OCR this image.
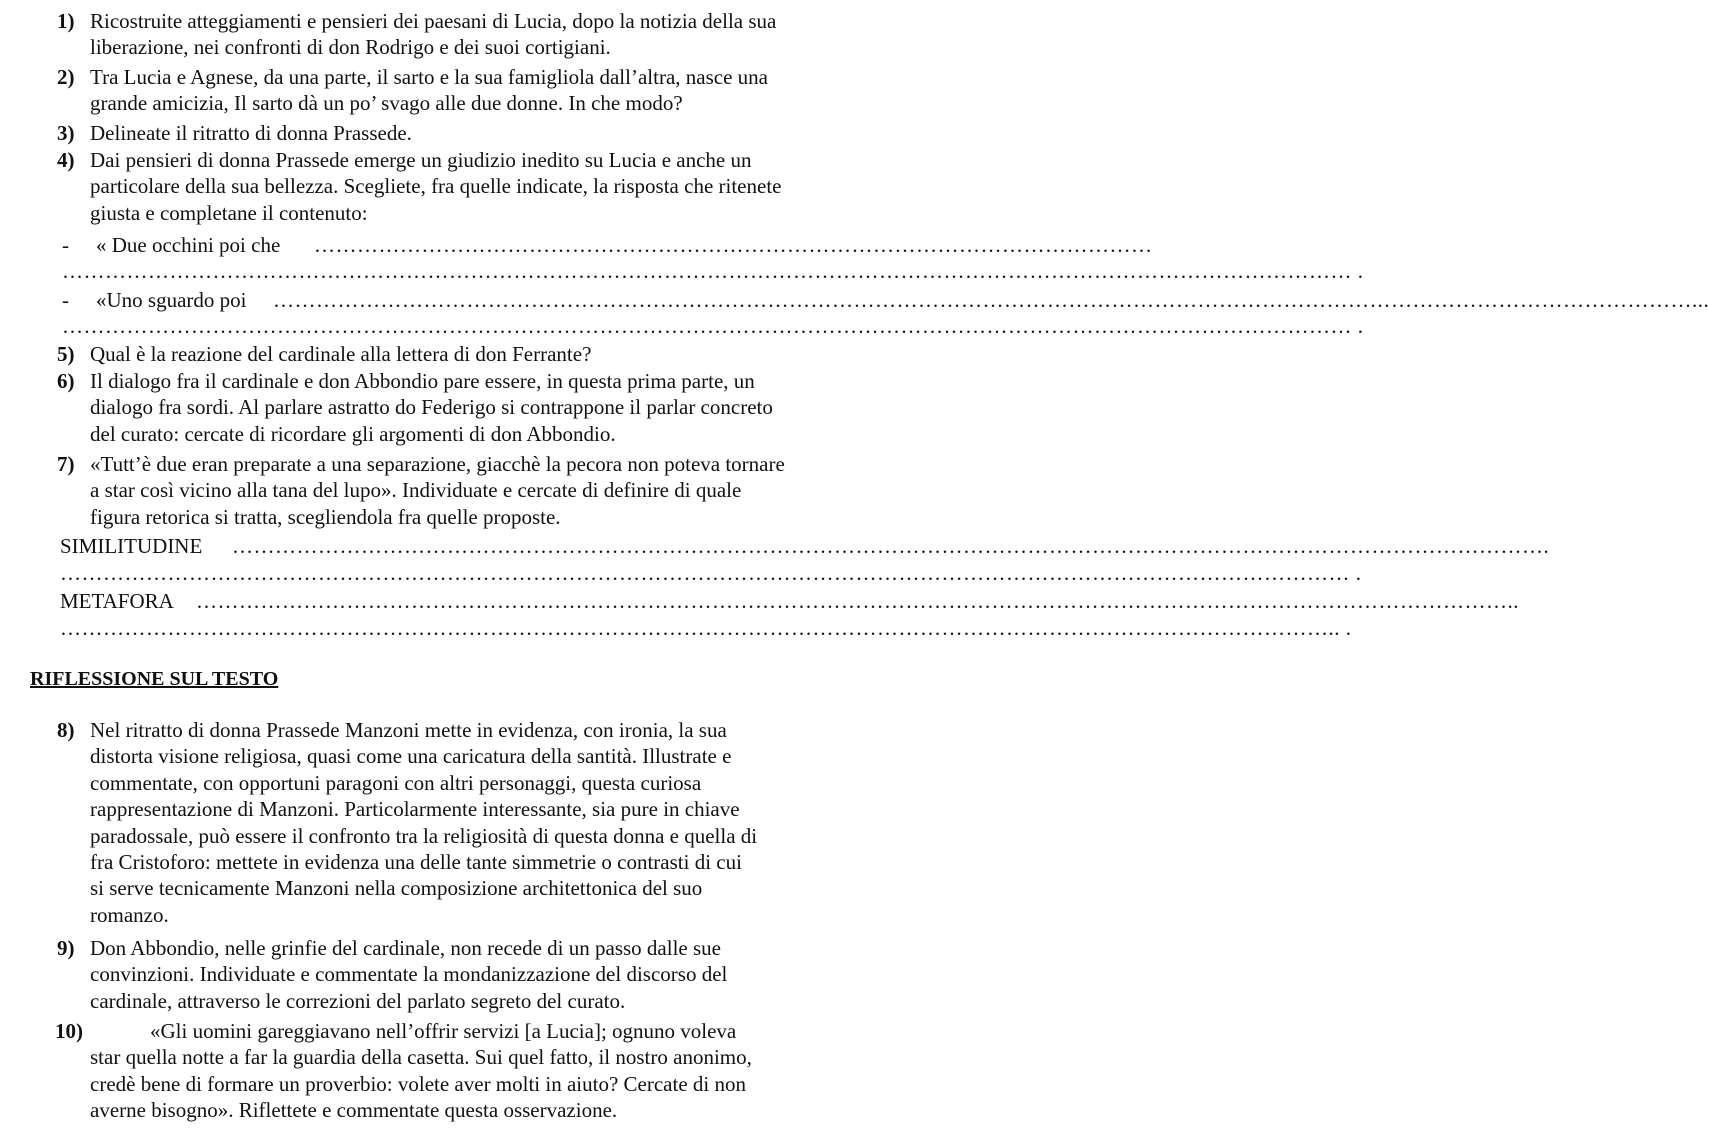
1) Ricostruite atteggiamenti e pensieri dei paesani di Lucia, dopo la notizia della sua
liberazione, nei confronti di don Rodrigo e dei suoi cortigiani.
2) Tra Lucia e Agnese, da una parte, il sarto e la sua famigliola dall’altra, nasce una
grande amicizia, Il sarto dà un po’ svago alle due donne. In che modo?
3) Delineate il ritratto di donna Prassede.
4) Dai pensieri di donna Prassede emerge un giudizio inedito su Lucia e anche un
particolare della sua bellezza. Scegliete, fra quelle indicate, la risposta che ritenete
giusta e completane il contenuto:
- « Due occhini poi che ………………………………………………………………………………………………………
……………………………………………………………………………………………………………………………………………………………… .
- «Uno sguardo poi ………………………………………………………………………………………………………………………………………………………………………………...
……………………………………………………………………………………………………………………………………………………………… .
5) Qual è la reazione del cardinale alla lettera di don Ferrante?
6) Il dialogo fra il cardinale e don Abbondio pare essere, in questa prima parte, un
dialogo fra sordi. Al parlare astratto do Federigo si contrappone il parlar concreto
del curato: cercate di ricordare gli argomenti di don Abbondio.
7) «Tutt’è due eran preparate a una separazione, giacchè la pecora non poteva tornare
a star così vicino alla tana del lupo». Individuate e cercate di definire di quale
figura retorica si tratta, scegliendola fra quelle proposte.
SIMILITUDINE ………………………………………………………………………………………………………………………………………………………………….
……………………………………………………………………………………………………………………………………………………………… .
METAFORA …………………………………………………………………………………………………………………………………………………………………..
…………………………………………………………………………………………………………………………………………………………….. .
RIFLESSIONE SUL TESTO
8) Nel ritratto di donna Prassede Manzoni mette in evidenza, con ironia, la sua
distorta visione religiosa, quasi come una caricatura della santità. Illustrate e
commentate, con opportuni paragoni con altri personaggi, questa curiosa
rappresentazione di Manzoni. Particolarmente interessante, sia pure in chiave
paradossale, può essere il confronto tra la religiosità di questa donna e quella di
fra Cristoforo: mettete in evidenza una delle tante simmetrie o contrasti di cui
si serve tecnicamente Manzoni nella composizione architettonica del suo
romanzo.
9) Don Abbondio, nelle grinfie del cardinale, non recede di un passo dalle sue
convinzioni. Individuate e commentate la mondanizzazione del discorso del
cardinale, attraverso le correzioni del parlato segreto del curato.
10)	«Gli uomini gareggiavano nell’offrir servizi [a Lucia]; ognuno voleva
star quella notte a far la guardia della casetta. Sui quel fatto, il nostro anonimo,
credè bene di formare un proverbio: volete aver molti in aiuto? Cercate di non
averne bisogno». Riflettete e commentate questa osservazione.
